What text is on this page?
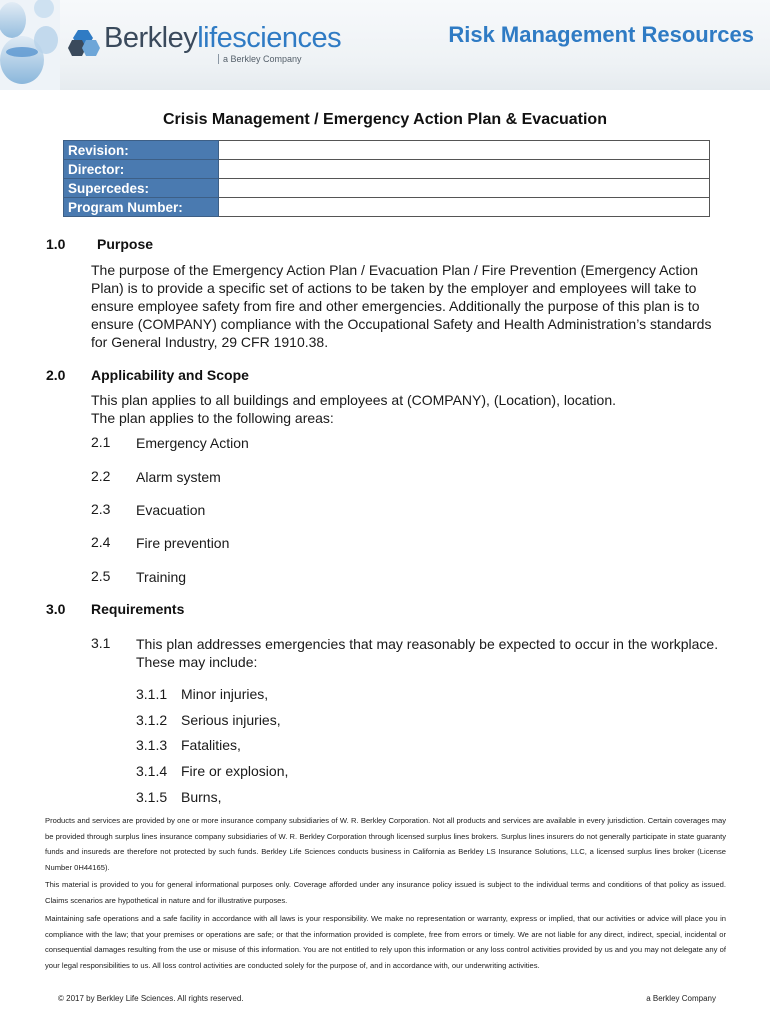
Berkleylifesciences
a Berkley Company
Risk Management Resources
Crisis Management / Emergency Action Plan & Evacuation
Revision:	
Director:	
Supercedes:	
Program Number:	
1.0 Purpose
The purpose of the Emergency Action Plan / Evacuation Plan / Fire Prevention (Emergency Action Plan) is to provide a specific set of actions to be taken by the employer and employees will take to ensure employee safety from fire and other emergencies. Additionally the purpose of this plan is to ensure (COMPANY) compliance with the Occupational Safety and Health Administration’s standards for General Industry, 29 CFR 1910.38.
2.0 Applicability and Scope
This plan applies to all buildings and employees at (COMPANY), (Location), location.
The plan applies to the following areas:
2.1 Emergency Action
2.2 Alarm system
2.3 Evacuation
2.4 Fire prevention
2.5 Training
3.0 Requirements
3.1 This plan addresses emergencies that may reasonably be expected to occur in the workplace. These may include:
3.1.1 Minor injuries,
3.1.2 Serious injuries,
3.1.3 Fatalities,
3.1.4 Fire or explosion,
3.1.5 Burns,
Products and services are provided by one or more insurance company subsidiaries of W. R. Berkley Corporation. Not all products and services are available in every jurisdiction. Certain coverages may be provided through surplus lines insurance company subsidiaries of W. R. Berkley Corporation through licensed surplus lines brokers. Surplus lines insurers do not generally participate in state guaranty funds and insureds are therefore not protected by such funds. Berkley Life Sciences conducts business in California as Berkley LS Insurance Solutions, LLC, a licensed surplus lines broker (License Number 0H44165).
This material is provided to you for general informational purposes only. Coverage afforded under any insurance policy issued is subject to the individual terms and conditions of that policy as issued. Claims scenarios are hypothetical in nature and for illustrative purposes.
Maintaining safe operations and a safe facility in accordance with all laws is your responsibility. We make no representation or warranty, express or implied, that our activities or advice will place you in compliance with the law; that your premises or operations are safe; or that the information provided is complete, free from errors or timely. We are not liable for any direct, indirect, special, incidental or consequential damages resulting from the use or misuse of this information. You are not entitled to rely upon this information or any loss control activities provided by us and you may not delegate any of your legal responsibilities to us. All loss control activities are conducted solely for the purpose of, and in accordance with, our underwriting activities.
© 2017 by Berkley Life Sciences. All rights reserved.	a Berkley Company
